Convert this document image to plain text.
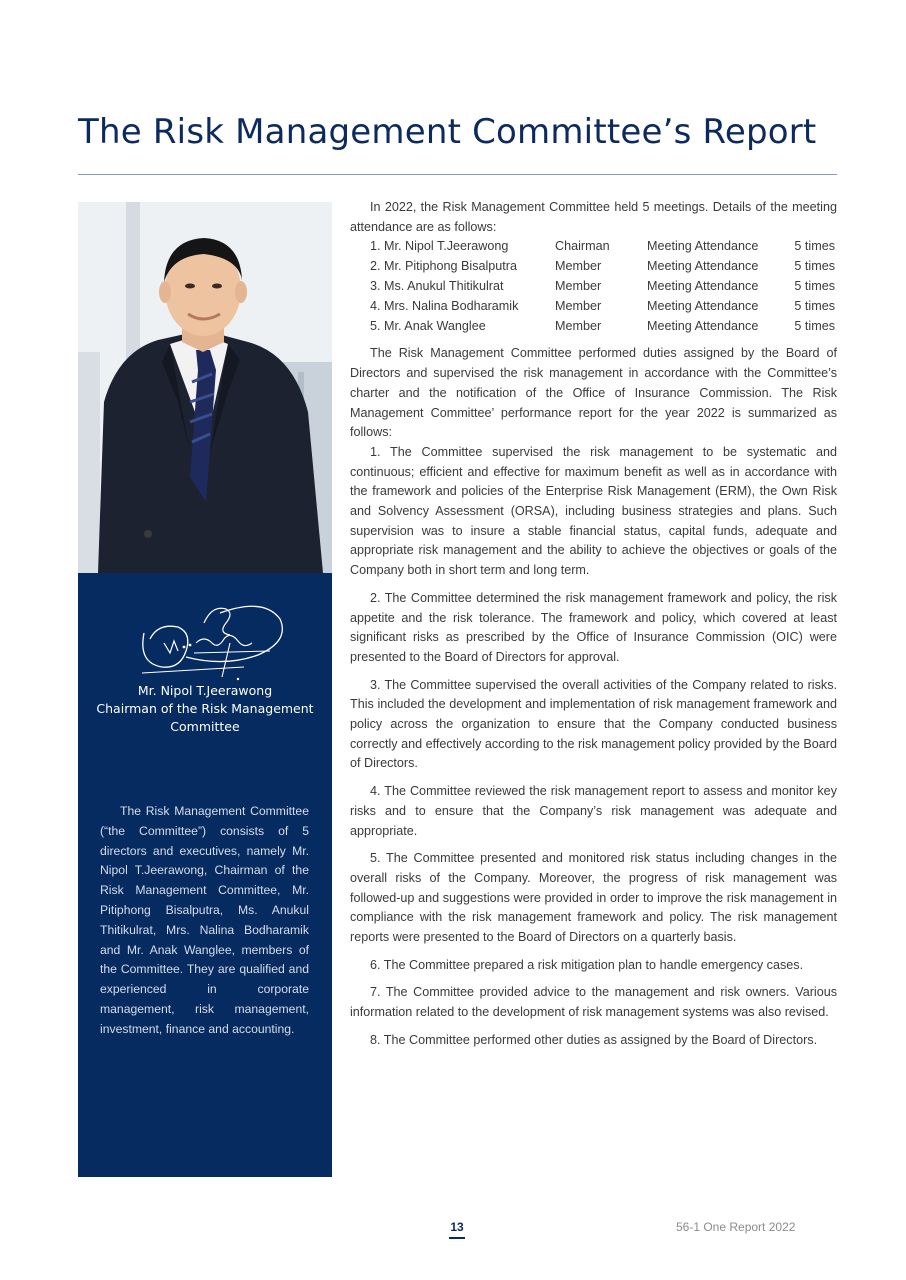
The Risk Management Committee’s Report
Mr. Nipol T.Jeerawong
Chairman of the Risk Management Committee

The Risk Management Committee (“the Committee”) consists of 5 directors and executives, namely Mr. Nipol T.Jeerawong, Chairman of the Risk Management Committee, Mr. Pitiphong Bisalputra, Ms. Anukul Thitikulrat, Mrs. Nalina Bodharamik and Mr. Anak Wanglee, members of the Committee. They are qualified and experienced in corporate management, risk management, investment, finance and accounting.

In 2022, the Risk Management Committee held 5 meetings. Details of the meeting attendance are as follows:

1. Mr. Nipol T.Jeerawong	Chairman	Meeting Attendance	5 times
2. Mr. Pitiphong Bisalputra	Member	Meeting Attendance	5 times
3. Ms. Anukul Thitikulrat	Member	Meeting Attendance	5 times
4. Mrs. Nalina Bodharamik	Member	Meeting Attendance	5 times
5. Mr. Anak Wanglee	Member	Meeting Attendance	5 times

The Risk Management Committee performed duties assigned by the Board of Directors and supervised the risk management in accordance with the Committee’s charter and the notification of the Office of Insurance Commission. The Risk Management Committee’ performance report for the year 2022 is summarized as follows:

1. The Committee supervised the risk management to be systematic and continuous; efficient and effective for maximum benefit as well as in accordance with the framework and policies of the Enterprise Risk Management (ERM), the Own Risk and Solvency Assessment (ORSA), including business strategies and plans. Such supervision was to insure a stable financial status, capital funds, adequate and appropriate risk management and the ability to achieve the objectives or goals of the Company both in short term and long term.

2. The Committee determined the risk management framework and policy, the risk appetite and the risk tolerance. The framework and policy, which covered at least significant risks as prescribed by the Office of Insurance Commission (OIC) were presented to the Board of Directors for approval.

3. The Committee supervised the overall activities of the Company related to risks. This included the development and implementation of risk management framework and policy across the organization to ensure that the Company conducted business correctly and effectively according to the risk management policy provided by the Board of Directors.

4. The Committee reviewed the risk management report to assess and monitor key risks and to ensure that the Company’s risk management was adequate and appropriate.

5. The Committee presented and monitored risk status including changes in the overall risks of the Company. Moreover, the progress of risk management was followed-up and suggestions were provided in order to improve the risk management in compliance with the risk management framework and policy. The risk management reports were presented to the Board of Directors on a quarterly basis.

6. The Committee prepared a risk mitigation plan to handle emergency cases.

7. The Committee provided advice to the management and risk owners. Various information related to the development of risk management systems was also revised.

8. The Committee performed other duties as assigned by the Board of Directors.

13	56-1 One Report 2022
